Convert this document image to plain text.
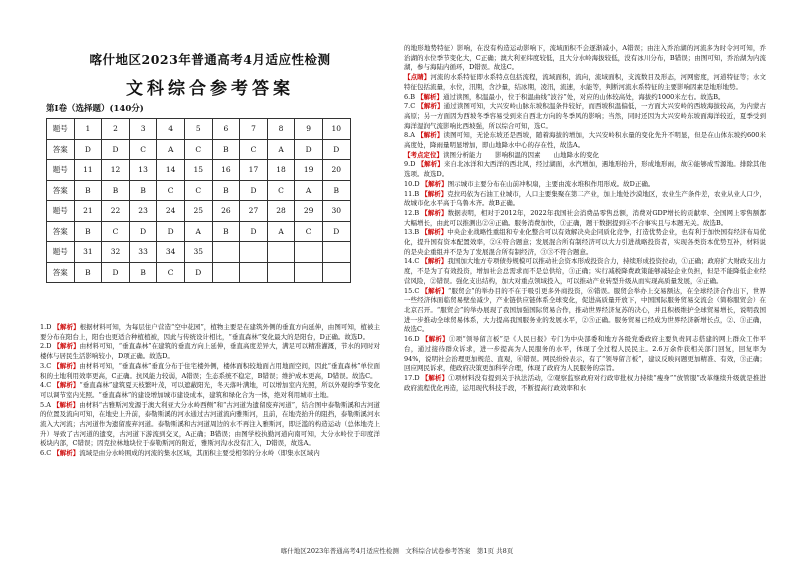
喀什地区2023年普通高考4月适应性检测
文科综合参考答案
第Ⅰ卷（选择题）(140分)
题号	1	2	3	4	5	6	7	8	9	10
答案	D	D	C	A	C	B	C	A	D	D
题号	11	12	13	14	15	16	17	18	19	20
答案	B	B	B	C	C	B	D	C	A	B
题号	21	22	23	24	25	26	27	28	29	30
答案	B	C	D	D	A	B	D	A	C	D
题号	31	32	33	34	35					
答案	B	D	B	C	D					

1.D 【解析】根据材料可知，为每层住户营造“空中花园”，植物主要是在建筑外侧的垂直方向延伸，由图可知，植被主要分布在阳台上，阳台也更适合种植植被，因此与传统设计相比，“垂直森林”变化最大的是阳台，D正确。故选D。

2.D 【解析】由材料可知，“垂直森林”在建筑的垂直方向上延伸，垂直高度差异大，满足可以精准灌溉，节水的同时对楼体与居民生活影响较小，D项正确。故选D。

3.C 【解析】由材料可知，“垂直森林”垂直分布于住宅楼外侧，楼体面积较地面占用地面空间，因此“垂直森林”单位面积的土地利用效率更高，C正确。抗风能力较弱，A错误；生态系统不稳定，B错误；维护成本更高，D错误。故选C。

4.C 【解析】“垂直森林”建筑夏天枝繁叶茂，可以遮蔽阳光，冬天落叶满地，可以增加室内光照，所以外观的季节变化可以调节室内光照。“垂直森林”的建设增加城市建设成本，建筑和绿化合为一体，绝对利用城市土地。

5.A 【解析】由材料“古雅斯河发源于澳大利亚大分水岭西侧”和“古河道为遗留废弃河道”，结合图中泰勒斯溪和古河道的位置及流向可知，在地史上升前，泰勒斯溪的河水通过古河道流向雅斯河，且前，在地壳抬升的阻挡，泰勒斯溪河水流入大河流；古河道作为遗留废弃河道。泰勒斯溪和古河道周边的水不再注入雅斯河，即泛滥的构造运动（总体地壳上升）导致了古河道的遗变，古河道下游流到交叉，A正确；B错误；由图学校执勤河道向南可知，大分水岭位于印度洋板块内部，C错误；因克拉林地块位于泰勒斯河的附近，雅斯河沟水没有汇入，D错误，故选A。

6.C 【解析】流域是由分水岭围成的河流的集水区域，其面积主要受相邻的分水岭（即集水区域内

的地形地势特征）影响，在没有构造运动影响下，流域面积不会逐渐减小，A错误；由注入乔治湖的河流多为时令河可知，乔治湖的水位季节变化大，C正确；澳大利亚纬度较低，且大分水岭海拔较低，没有冰川分布，B错误；由图可知，乔治湖为内流湖，参与海陆内循环，D错误。故选C。

【点睛】河流的水系特征即水系特点包括流程，流域面积，流向，流域面积，支流数目及形态，河网密度，河道特征等；水文特征包括流量，水位，汛期，含沙量，结冰期，凌汛，流速，水能等，判断河流水系特征的主要影响因素是地形地势。

6.B 【解析】通过读图，积温最小，位于积温曲线“波谷”处，对应的山体较高处，海拔约1000米左右。故选B。

7.C 【解析】通过读图可知，大兴安岭山脉东坡积温条件较好，而西坡积温偏低，一方面大兴安岭的西坡海拔较高，为内蒙古高原；另一方面因为西坡冬季容易受到来自西北方向的冬季风的影响；当然，同时还因为大兴安岭东坡面海洋较近，夏季受到海洋湿润气流影响比西坡强，所以综合可知，选C。

8.A 【解析】读图可知，无论东坡还是西坡，随着海拔的增加，大兴安岭积水量的变化先升不明显，但是在山体东坡约600米高度处，降雨量明显增加，即山地降水中心的存在性，故选A。

【考点定位】读图分析能力　　影响积温的因素　　山地降水的变化

9.D 【解析】来自北冰洋和大西洋的西北风，经过湖面，水汽增加，遇地形抬升，形成地形雨，故④能够成雪源地。排除其他选项。故选D。

10.D 【解析】图示城市主要分布在山前冲积扇，主要由流水堆积作用形成。故D正确。

11.B 【解析】克拉玛依为石油工业城市，人口主要集聚在第二产业，加上地处沙漠地区，农业生产条件差，农业从业人口少，故城市化水平高于乌鲁木齐。故B正确。

12.B 【解析】数据表明，相对于2012年，2022年我国社会消费品零售总额，消费对GDP增长的贡献率、全国网上零售额都大幅增长，由此可以推测出②④正确。服务消费加快，①正确，题干数据提到④不合事实且与本题无关。故选B。

13.B 【解析】中央企业战略性重组和专业化整合可以有效解决央企同质化竞争，打造优势企业，也有利于加快国有经济布局优化，提升国有资本配置效率，②④符合题意；发展混合所有制经济可以大力引进战略投资者，实现各类资本优势互补，材料说的是央企重组并不是为了发展混合所有制经济，③③不符合题意。

14.C 【解析】我国加大地方专项债券规模可以推动社会资本形成投资合力，持续形成投资拉动，①正确；政府扩大财政支出力度，不是为了有效投资，增加社会总需求而不是总供给，③正确；实行减税降费政策能够减轻企业负担，但是不能降低企业经营风险，②错误。强化支出结构，加大对重点领域投入，可以推动产业转型升级从而实现高质量发展，④正确。

15.C 【解析】“服贸会”的举办目的不在于吸引更多外商投资，⑥错误。服贸会举办上交易额达，在全球经济合作出下，世界一些经济体面临贸易壁垒减少，产业链供应链体系全球变化，促进高质量开放下，中国国际服务贸易交流会（简称服贸会）在北京召开。“服贸会”的举办展现了我国加强国际贸易合作，推动世界经济复苏的决心，并且积极维护全球贸易增长，说明我国进一步推动全球贸易体系，大力提高我国服务业的发展水平，②⑤正确。服务贸易已经成为世界经济新增长点，②、③正确，故选C。

16.D 【解析】①项“领导留言板”是《人民日报》专门为中央部委和地方各级党委政府主要负责同志搭建的网上群众工作平台，通过接待群众诉求，进一步提高为人民服务的水平，体现了全过程人民民主。2.6万余件获相关部门回复，回复率为94%，说明社会治理更加规范、直观，⑥错误。网民纷纷表示，有了“领导留言板”，建议反映问题更加精准、有效，③正确；回应网民诉求，使政府决策更加科学合理，体现了政府为人民服务的宗旨。

17.D 【解析】①项材料没有提到关于执法活动，②观察监察政府对行政审批权力持续“瘦身”“放管服”改革继续升级就是推进政府流程优化再造，运用现代科技手段，不断提高行政效率和水

喀什地区2023年普通高考4月适应性检测　文科综合试卷参考答案　第1页 共8页
